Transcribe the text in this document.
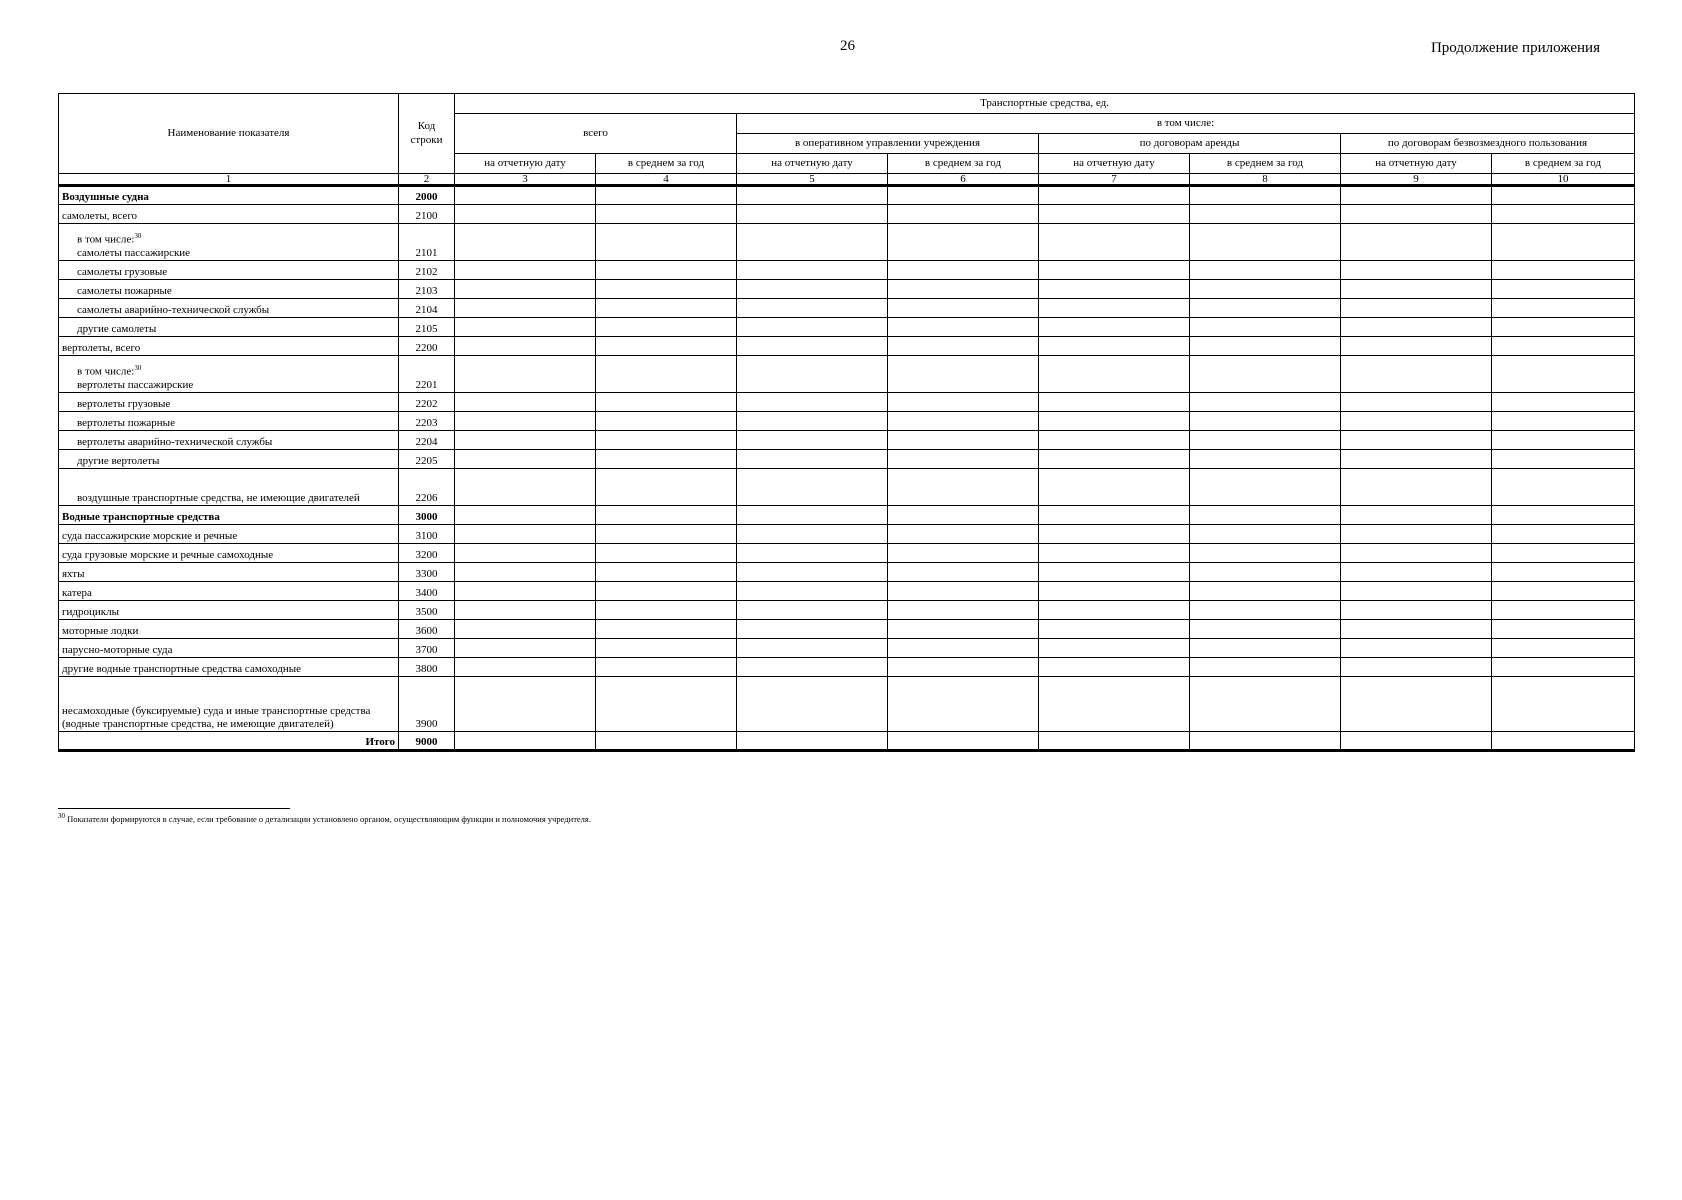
26	Продолжение приложения
Наименование показателя	Код строки	Транспортные средства, ед.							
		всего		в том числе:					
				в оперативном управлении учреждения		по договорам аренды		по договорам безвозмездного пользования	
		на отчетную дату	в среднем за год	на отчетную дату	в среднем за год	на отчетную дату	в среднем за год	на отчетную дату	в среднем за год
1	2	3	4	5	6	7	8	9	10
Воздушные судна	2000								
самолеты, всего	2100								

в том числе:$^{30}$
самолеты пассажирские	2101								
самолеты грузовые	2102								
самолеты пожарные	2103								
самолеты аварийно-технической службы	2104								
другие самолеты	2105								
вертолеты, всего	2200								

в том числе:$^{30}$
вертолеты пассажирские	2201								
вертолеты грузовые	2202								
вертолеты пожарные	2203								
вертолеты аварийно-технической службы	2204								
другие вертолеты	2205								
воздушные транспортные средства, не имеющие двигателей	2206								
Водные транспортные средства	3000								
суда пассажирские морские и речные	3100								
суда грузовые морские и речные самоходные	3200								
яхты	3300								
катера	3400								
гидроциклы	3500								
моторные лодки	3600								
парусно-моторные суда	3700								
другие водные транспортные средства самоходные	3800								
несамоходные (буксируемые) суда и иные транспортные средства (водные транспортные средства, не имеющие двигателей)	3900								
Итого	9000								
$^{30}$ Показатели формируются в случае, если требование о детализации установлено органом, осуществляющим функции и полномочия учредителя.
